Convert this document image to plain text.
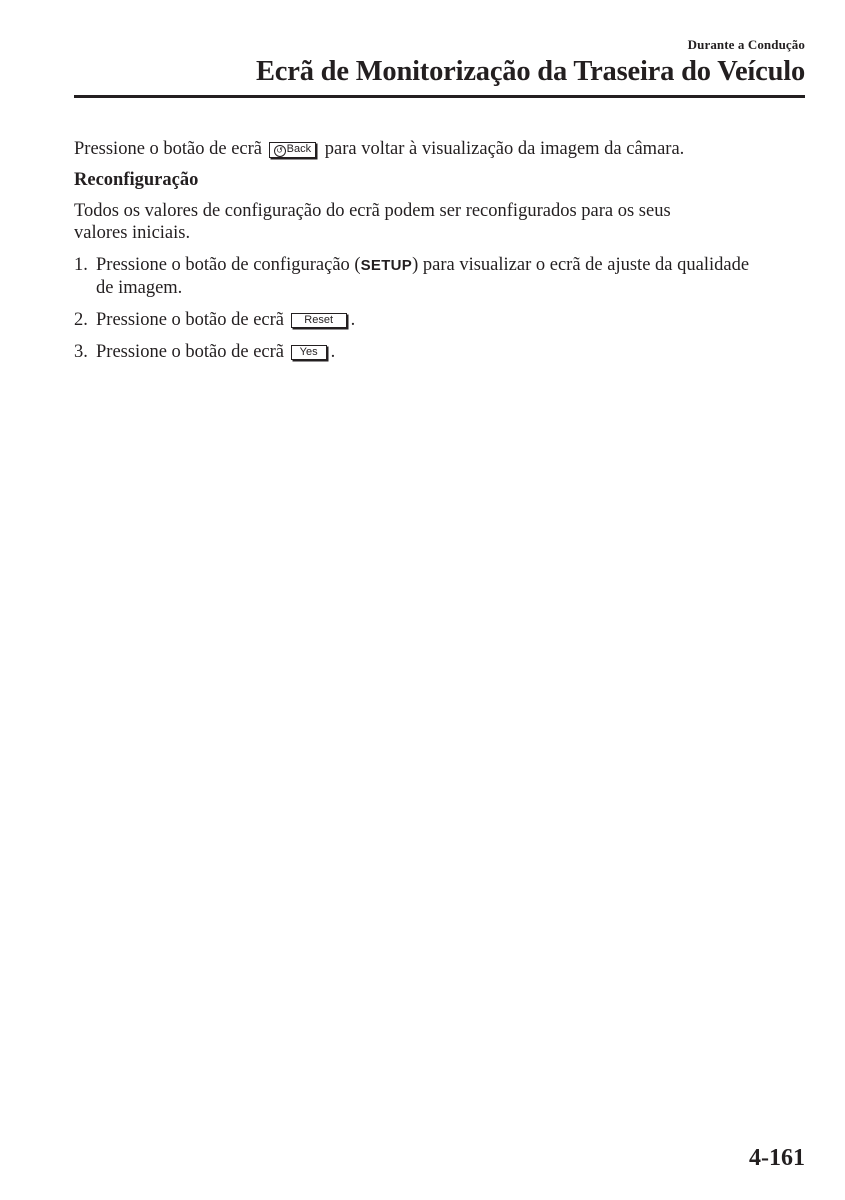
Durante a Condução
Ecrã de Monitorização da Traseira do Veículo

Pressione o botão de ecrã ↺ Back para voltar à visualização da imagem da câmara.

Reconfiguração

Todos os valores de configuração do ecrã podem ser reconfigurados para os seus
valores iniciais.

1. Pressione o botão de configuração (SETUP) para visualizar o ecrã de ajuste da qualidade
de imagem.
2. Pressione o botão de ecrã Reset .
3. Pressione o botão de ecrã Yes .
4-161
